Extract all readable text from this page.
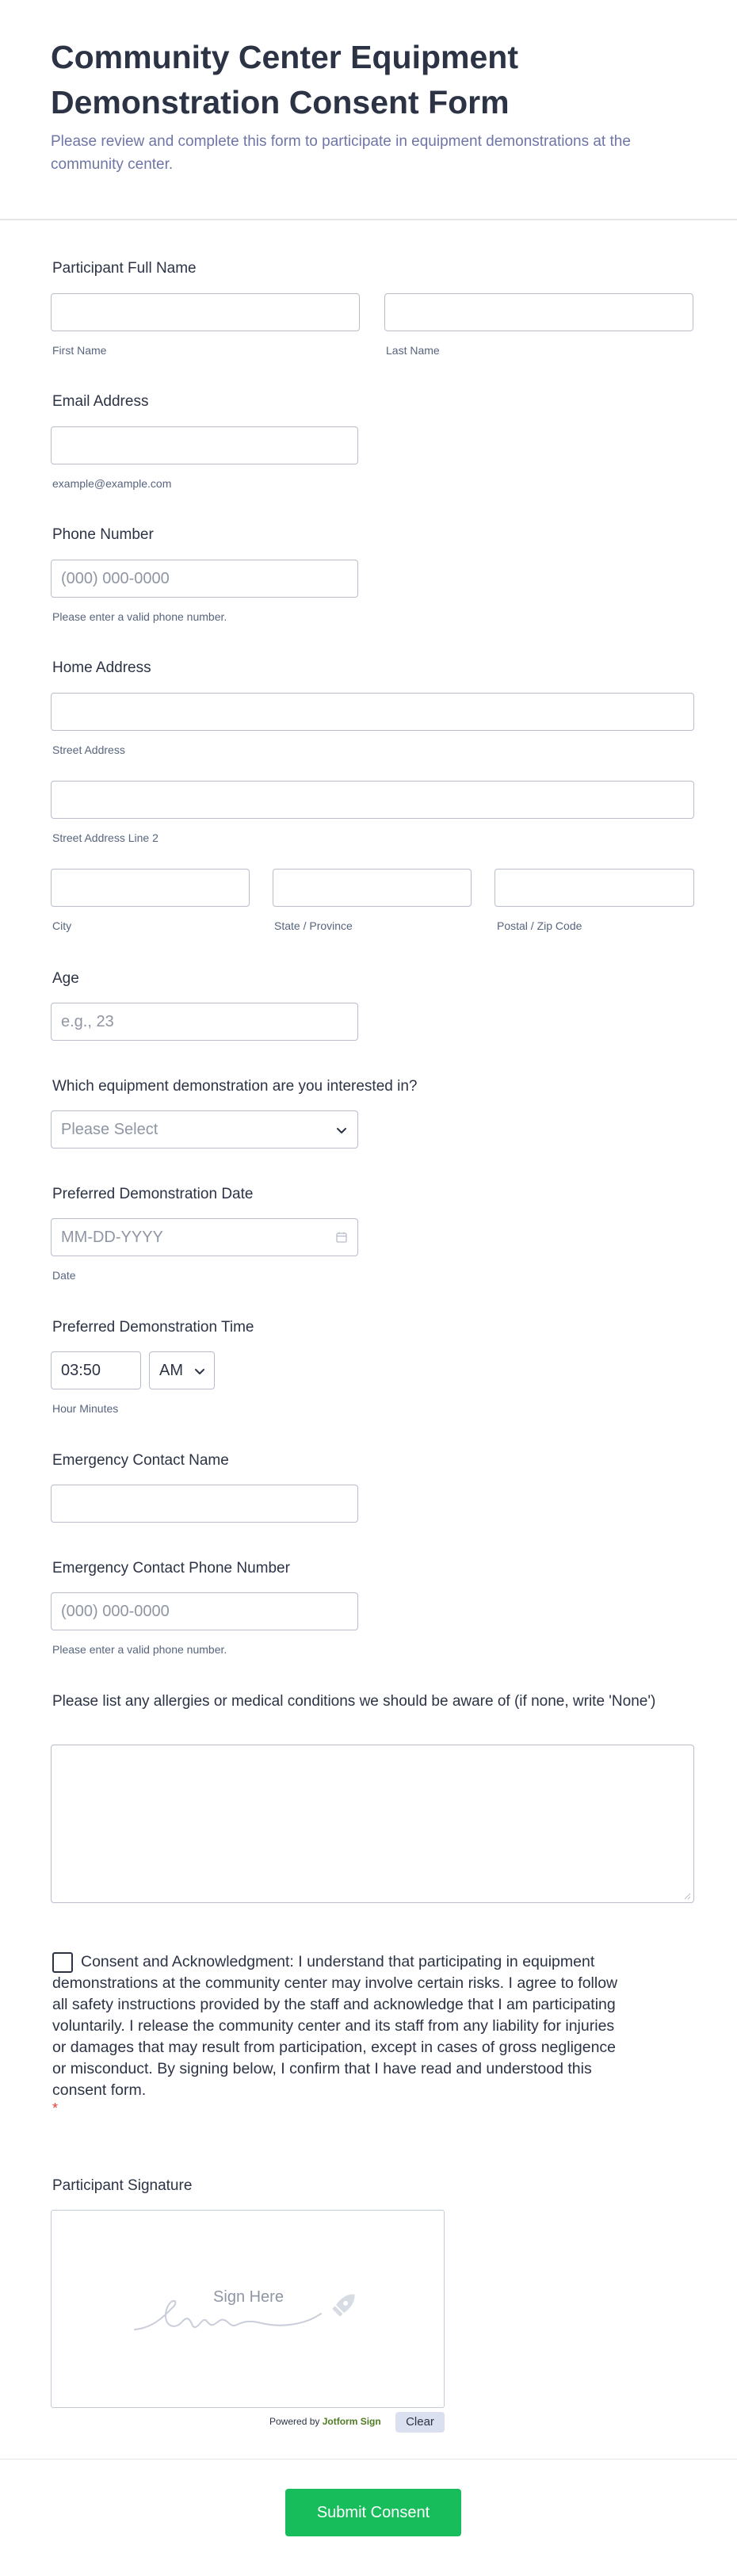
Community Center Equipment Demonstration Consent Form
Please review and complete this form to participate in equipment demonstrations at the community center.
Participant Full Name
First Name	Last Name
Email Address
example@example.com
Phone Number
(000) 000-0000
Please enter a valid phone number.
Home Address
Street Address
Street Address Line 2
City	State / Province	Postal / Zip Code
Age
e.g., 23
Which equipment demonstration are you interested in?
Please Select
Preferred Demonstration Date
MM-DD-YYYY
Date
Preferred Demonstration Time
03:50	AM
Hour Minutes
Emergency Contact Name
Emergency Contact Phone Number
(000) 000-0000
Please enter a valid phone number.
Please list any allergies or medical conditions we should be aware of (if none, write 'None')
Consent and Acknowledgment: I understand that participating in equipment demonstrations at the community center may involve certain risks. I agree to follow all safety instructions provided by the staff and acknowledge that I am participating voluntarily. I release the community center and its staff from any liability for injuries or damages that may result from participation, except in cases of gross negligence or misconduct. By signing below, I confirm that I have read and understood this consent form.
*
Participant Signature
Sign Here
Powered by Jotform Sign	Clear
Submit Consent
